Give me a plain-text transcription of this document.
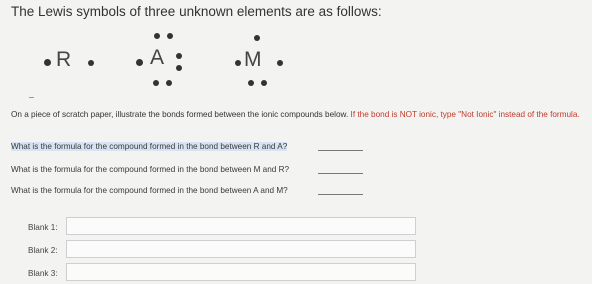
The Lewis symbols of three unknown elements are as follows:
R	A	M
On a piece of scratch paper, illustrate the bonds formed between the ionic compounds below. If the bond is NOT ionic, type "Not Ionic" instead of the formula.
What is the formula for the compound formed in the bond between R and A?
What is the formula for the compound formed in the bond between M and R?
What is the formula for the compound formed in the bond between A and M?
Blank 1:
Blank 2:
Blank 3:
